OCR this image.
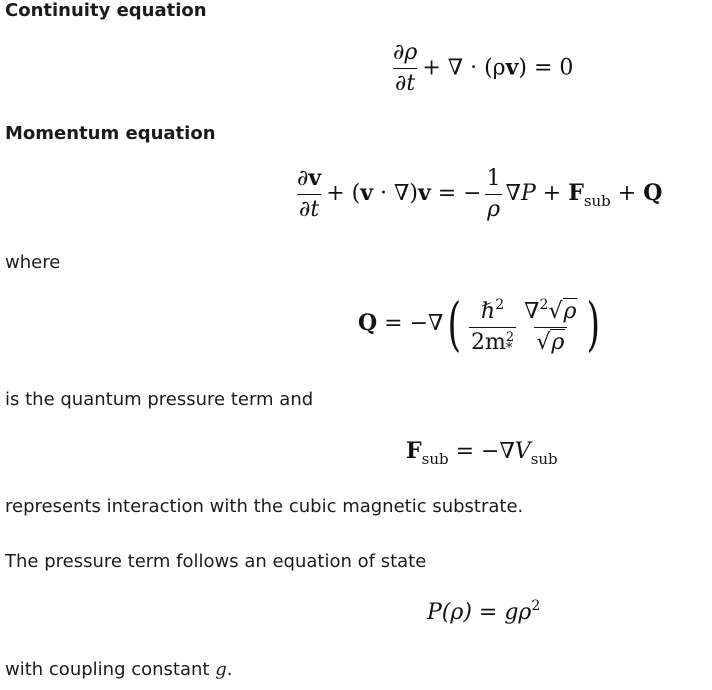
Continuity equation
$\frac{\partial\rho}{\partial t}$ + ∇ · (ρv) = 0
Momentum equation
$\frac{\partial v}{\partial t} + (v \cdot \nabla)v$ = − $\frac{1}{\rho} \nabla P + F_{sub} + Q$
where
Q = −∇( ℏ$^2$
2m 2
* $\frac{\nabla^2√\rho}{√\rho}$ )
is the quantum pressure term and
$F_{sub} = -\nabla V_{sub}$
represents interaction with the cubic magnetic substrate.
The pressure term follows an equation of state
$P(\rho) = g\rho^2$
with coupling constant g.
